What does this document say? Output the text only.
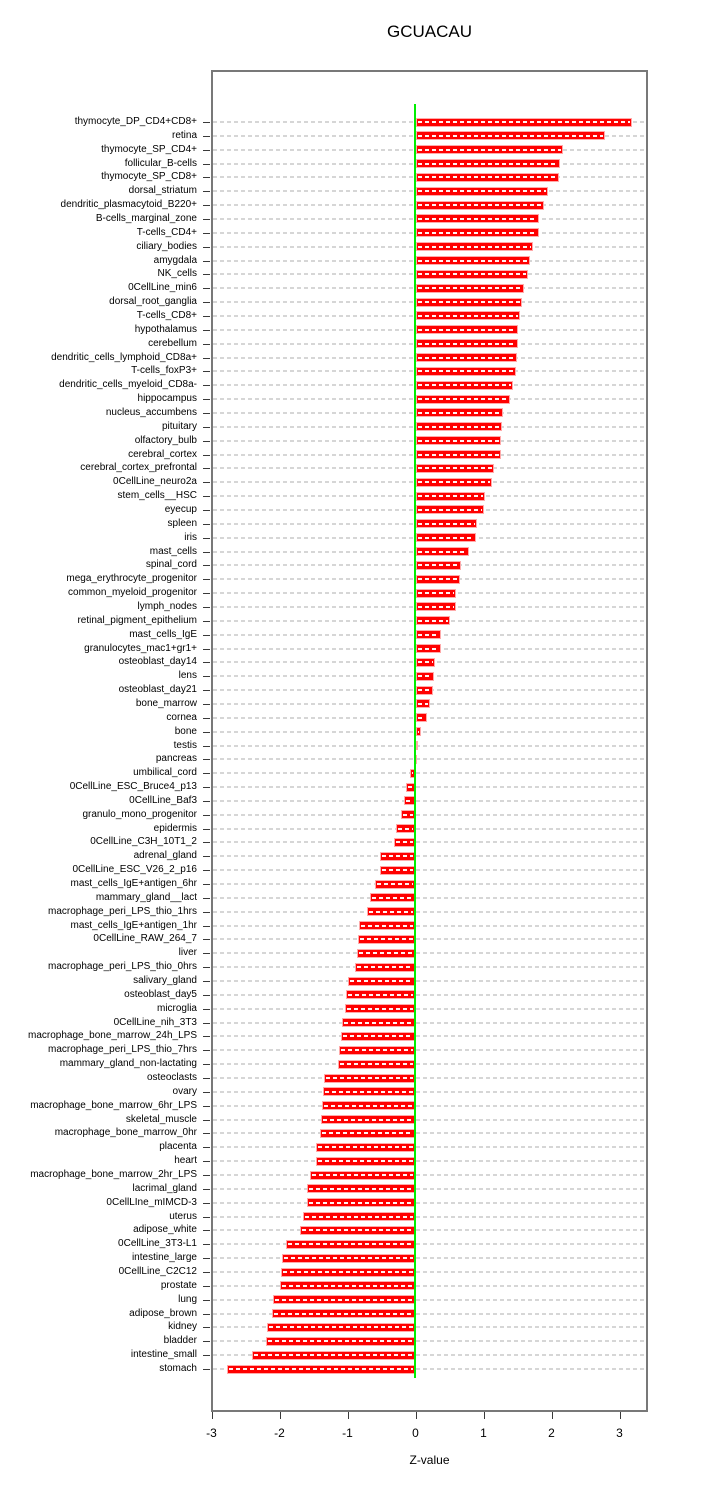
GCUACAU
thymocyte_DP_CD4+CD8+
retina
thymocyte_SP_CD4+
follicular_B-cells
thymocyte_SP_CD8+
dorsal_striatum
dendritic_plasmacytoid_B220+
B-cells_marginal_zone
T-cells_CD4+
ciliary_bodies
amygdala
NK_cells
0CellLine_min6
dorsal_root_ganglia
T-cells_CD8+
hypothalamus
cerebellum
dendritic_cells_lymphoid_CD8a+
T-cells_foxP3+
dendritic_cells_myeloid_CD8a-
hippocampus
nucleus_accumbens
pituitary
olfactory_bulb
cerebral_cortex
cerebral_cortex_prefrontal
0CellLine_neuro2a
stem_cells__HSC
eyecup
spleen
iris
mast_cells
spinal_cord
mega_erythrocyte_progenitor
common_myeloid_progenitor
lymph_nodes
retinal_pigment_epithelium
mast_cells_IgE
granulocytes_mac1+gr1+
osteoblast_day14
lens
osteoblast_day21
bone_marrow
cornea
bone
testis
pancreas
umbilical_cord
0CellLine_ESC_Bruce4_p13
0CellLine_Baf3
granulo_mono_progenitor
epidermis
0CellLine_C3H_10T1_2
adrenal_gland
0CellLine_ESC_V26_2_p16
mast_cells_IgE+antigen_6hr
mammary_gland__lact
macrophage_peri_LPS_thio_1hrs
mast_cells_IgE+antigen_1hr
0CellLine_RAW_264_7
liver
macrophage_peri_LPS_thio_0hrs
salivary_gland
osteoblast_day5
microglia
0CellLine_nih_3T3
macrophage_bone_marrow_24h_LPS
macrophage_peri_LPS_thio_7hrs
mammary_gland_non-lactating
osteoclasts
ovary
macrophage_bone_marrow_6hr_LPS
skeletal_muscle
macrophage_bone_marrow_0hr
placenta
heart
macrophage_bone_marrow_2hr_LPS
lacrimal_gland
0CellLIne_mIMCD-3
uterus
adipose_white
0CellLine_3T3-L1
intestine_large
0CellLine_C2C12
prostate
lung
adipose_brown
kidney
bladder
intestine_small
stomach
-3	-2	-1	0	1	2	3
Z-value
